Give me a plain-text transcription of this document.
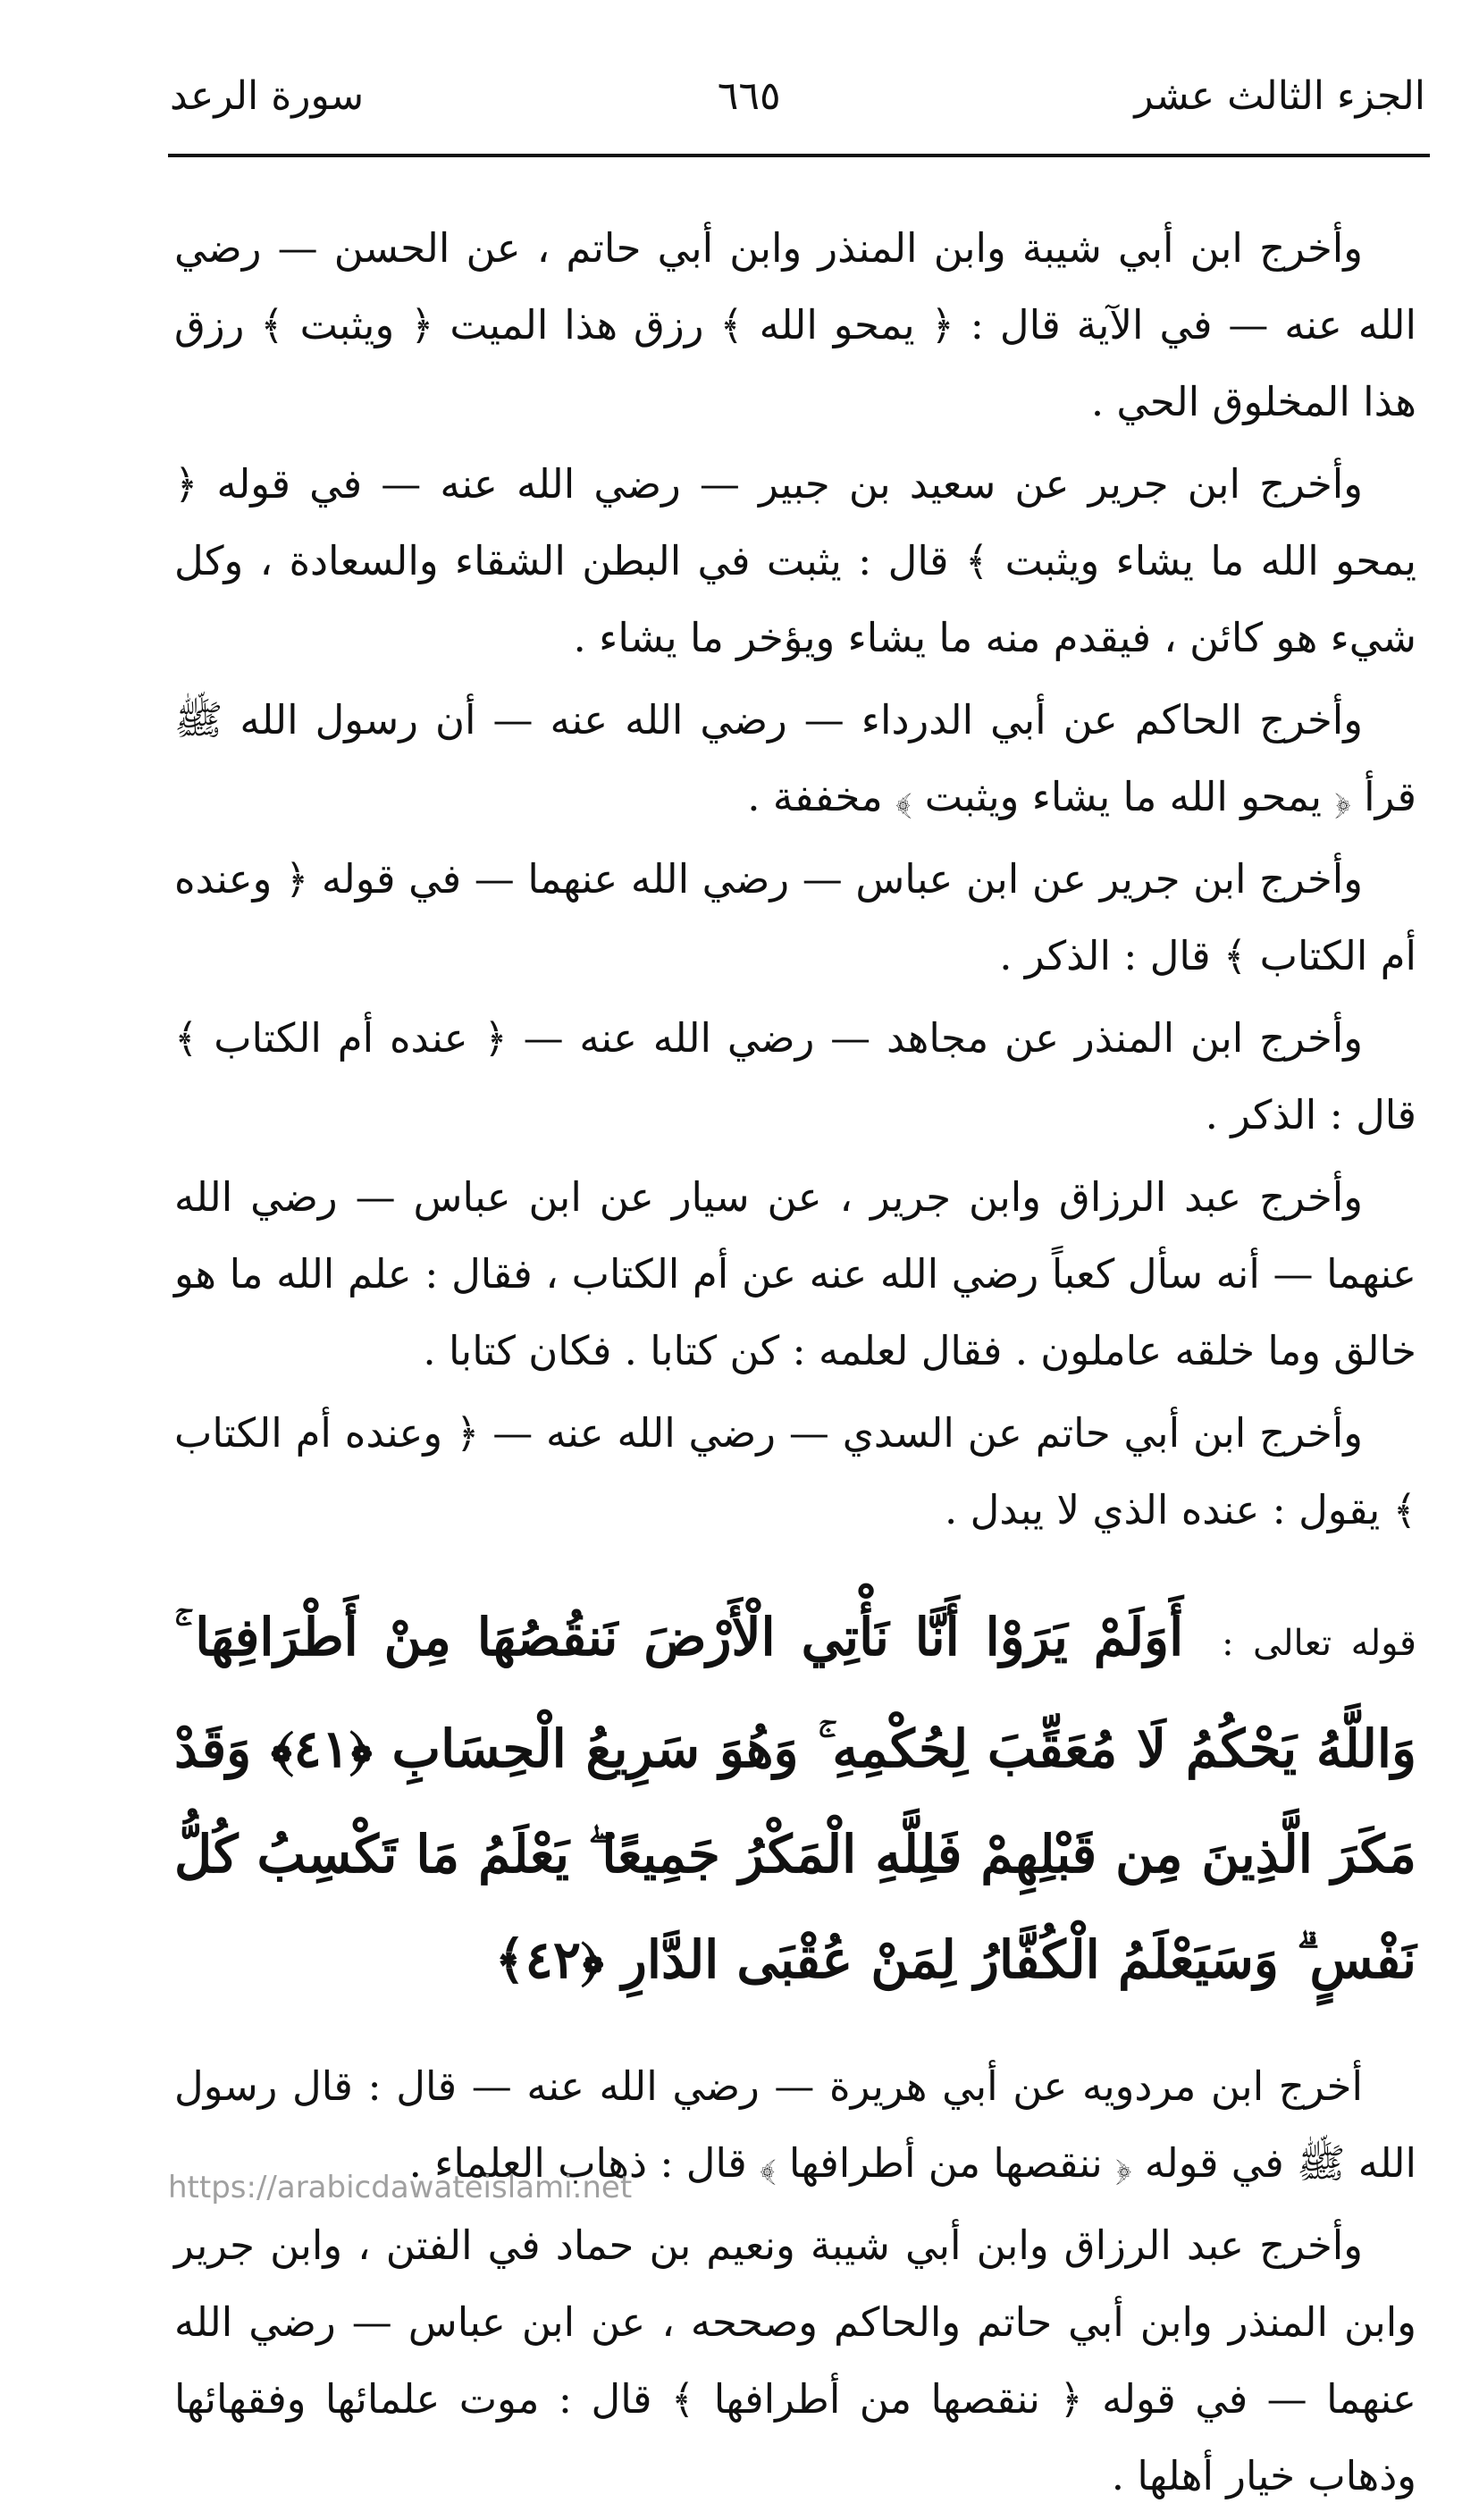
الجزء الثالث عشر
٦٦٥
سورة الرعد

وأخرج ابن أبي شيبة وابن المنذر وابن أبي حاتم ، عن الحسن — رضي الله عنه — في الآية قال : ﴿ يمحو الله ﴾ رزق هذا الميت ﴿ ويثبت ﴾ رزق هذا المخلوق الحي .

وأخرج ابن جرير عن سعيد بن جبير — رضي الله عنه — في قوله ﴿ يمحو الله ما يشاء ويثبت ﴾ قال : يثبت في البطن الشقاء والسعادة ، وكل شيء هو كائن ، فيقدم منه ما يشاء ويؤخر ما يشاء .

وأخرج الحاكم عن أبي الدرداء — رضي الله عنه — أن رسول الله ﷺ قرأ ﴿ يمحو الله ما يشاء ويثبت ﴾ مخففة .

وأخرج ابن جرير عن ابن عباس — رضي الله عنهما — في قوله ﴿ وعنده أم الكتاب ﴾ قال : الذكر .

وأخرج ابن المنذر عن مجاهد — رضي الله عنه — ﴿ عنده أم الكتاب ﴾ قال : الذكر .

وأخرج عبد الرزاق وابن جرير ، عن سيار عن ابن عباس — رضي الله عنهما — أنه سأل كعباً رضي الله عنه عن أم الكتاب ، فقال : علم الله ما هو خالق وما خلقه عاملون . فقال لعلمه : كن كتابا . فكان كتابا .

وأخرج ابن أبي حاتم عن السدي — رضي الله عنه — ﴿ وعنده أم الكتاب ﴾ يقول : عنده الذي لا يبدل .

قوله تعالى : أَوَلَمْ يَرَوْا أَنَّا نَأْتِي الْأَرْضَ نَنقُصُهَا مِنْ أَطْرَافِهَا ۚ وَاللَّهُ يَحْكُمُ لَا مُعَقِّبَ لِحُكْمِهِ ۚ وَهُوَ سَرِيعُ الْحِسَابِ ﴿٤١﴾ وَقَدْ مَكَرَ الَّذِينَ مِن قَبْلِهِمْ فَلِلَّهِ الْمَكْرُ جَمِيعًا ۖ يَعْلَمُ مَا تَكْسِبُ كُلُّ نَفْسٍ ۗ وَسَيَعْلَمُ الْكُفَّارُ لِمَنْ عُقْبَى الدَّارِ ﴿٤٢﴾

أخرج ابن مردويه عن أبي هريرة — رضي الله عنه — قال : قال رسول الله ﷺ في قوله ﴿ ننقصها من أطرافها ﴾ قال : ذهاب العلماء .

وأخرج عبد الرزاق وابن أبي شيبة ونعيم بن حماد في الفتن ، وابن جرير وابن المنذر وابن أبي حاتم والحاكم وصححه ، عن ابن عباس — رضي الله عنهما — في قوله ﴿ ننقصها من أطرافها ﴾ قال : موت علمائها وفقهائها وذهاب خيار أهلها .

https://arabicdawateislami.net
